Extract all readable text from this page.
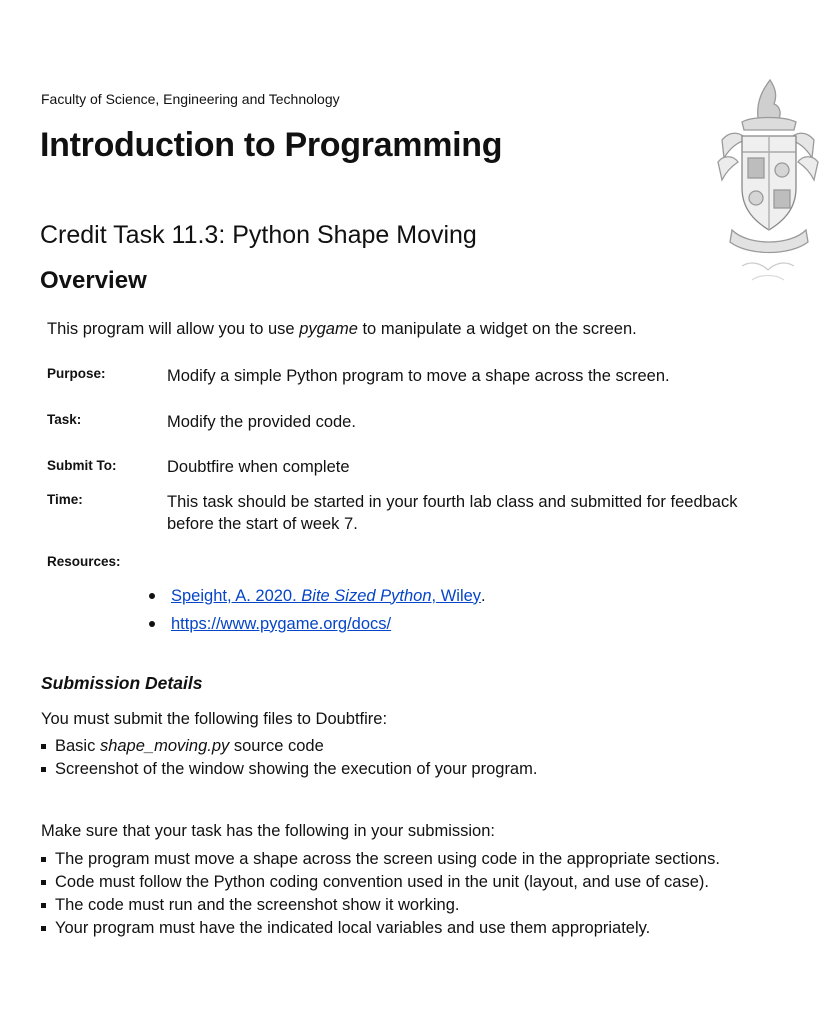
Faculty of Science, Engineering and Technology
Introduction to Programming
Credit Task 11.3: Python Shape Moving
Overview
This program will allow you to use pygame to manipulate a widget on the screen.
Purpose:	Modify a simple Python program to move a shape across the screen.
Task:	Modify the provided code.
Submit To:	Doubtfire when complete
Time:	This task should be started in your fourth lab class and submitted for feedback before the start of week 7.
Resources:
Speight, A. 2020. Bite Sized Python, Wiley .
https://www.pygame.org/docs/
Submission Details
You must submit the following files to Doubtfire:
Basic shape_moving.py source code
Screenshot of the window showing the execution of your program.
Make sure that your task has the following in your submission:
The program must move a shape across the screen using code in the appropriate sections.
Code must follow the Python coding convention used in the unit (layout, and use of case).
The code must run and the screenshot show it working.
Your program must have the indicated local variables and use them appropriately.
